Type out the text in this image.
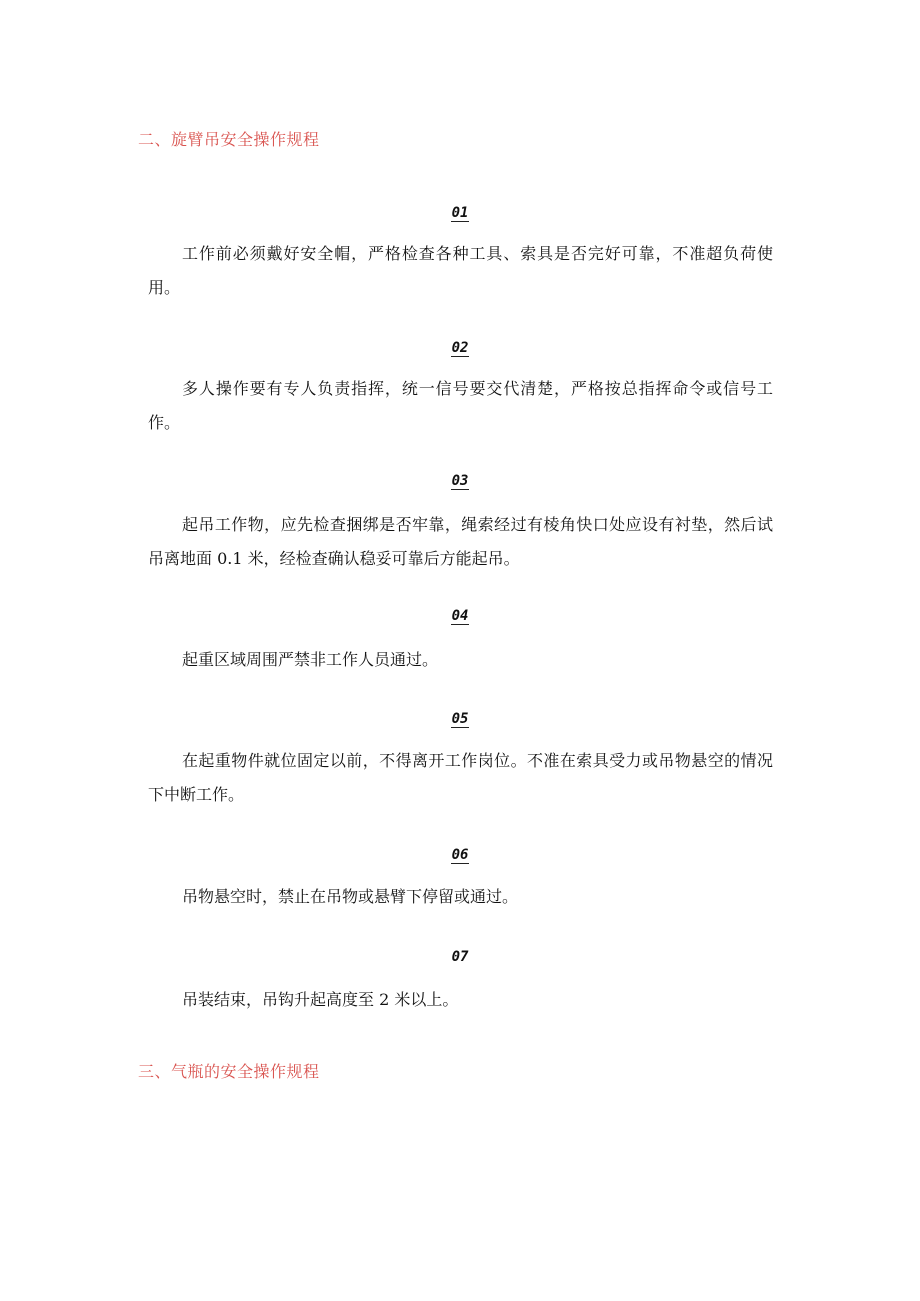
二、旋臂吊安全操作规程
01

工作前必须戴好安全帽，严格检查各种工具、索具是否完好可靠，不准超负荷使用。

02

多人操作要有专人负责指挥，统一信号要交代清楚，严格按总指挥命令或信号工作。

03

起吊工作物，应先检查捆绑是否牢靠，绳索经过有棱角快口处应设有衬垫，然后试吊离地面 0.1 米，经检查确认稳妥可靠后方能起吊。

04

起重区域周围严禁非工作人员通过。

05

在起重物件就位固定以前，不得离开工作岗位。不准在索具受力或吊物悬空的情况下中断工作。

06

吊物悬空时，禁止在吊物或悬臂下停留或通过。

07

吊装结束，吊钩升起高度至 2 米以上。

三、气瓶的安全操作规程
